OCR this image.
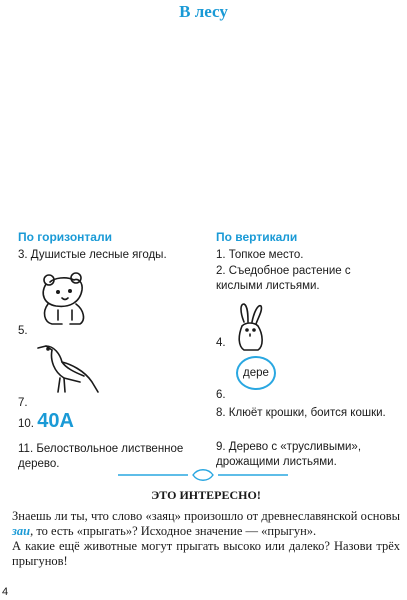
В лесу
По горизонтали
3. Душистые лесные ягоды.
5.
7.
10. 40А
11. Белоствольное лиственное дерево.
По вертикали
1. Топкое место.
2. Съедобное растение с кислыми листьями.
4.
дере
6.
8. Клюёт крошки, боится кошки.
9. Дерево с «трусливыми», дрожащими листьями.
ЭТО ИНТЕРЕСНО!
Знаешь ли ты, что слово «заяц» произошло от древнеславянской основы заи, то есть «прыгать»? Исходное значение — «прыгун».
А какие ещё животные могут прыгать высоко или далеко? Назови трёх прыгунов!
4
